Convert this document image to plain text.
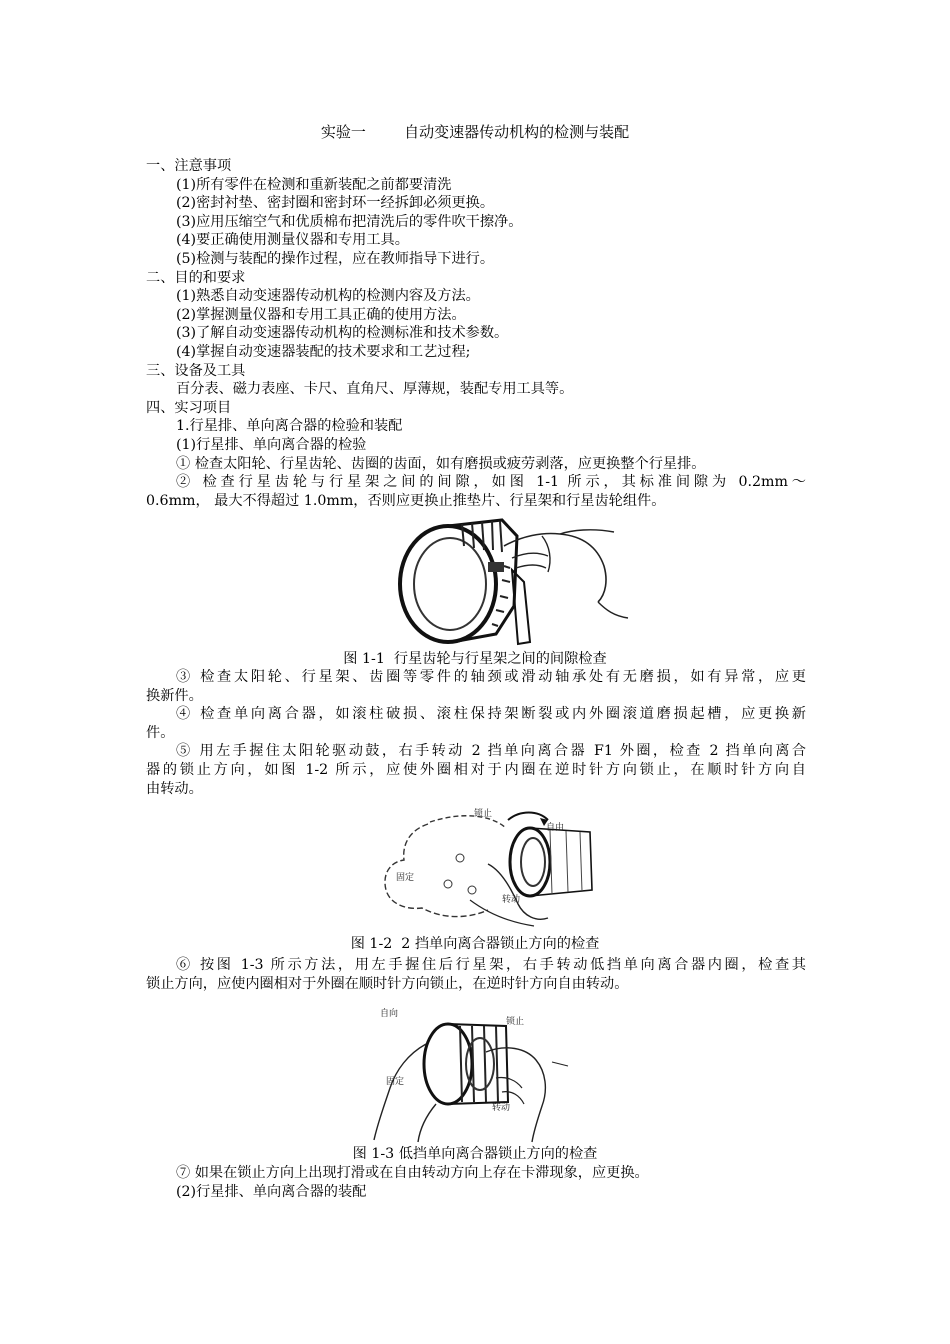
实验一        自动变速器传动机构的检测与装配
一、注意事项
(1)所有零件在检测和重新装配之前都要清洗
(2)密封衬垫、密封圈和密封环一经拆卸必须更换。
(3)应用压缩空气和优质棉布把清洗后的零件吹干擦净。
(4)要正确使用测量仪器和专用工具。
(5)检测与装配的操作过程，应在教师指导下进行。
二、目的和要求
(1)熟悉自动变速器传动机构的检测内容及方法。
(2)掌握测量仪器和专用工具正确的使用方法。
(3)了解自动变速器传动机构的检测标准和技术参数。
(4)掌握自动变速器装配的技术要求和工艺过程;
三、设备及工具
百分表、磁力表座、卡尺、直角尺、厚薄规，装配专用工具等。
四、实习项目
1.行星排、单向离合器的检验和装配
(1)行星排、单向离合器的检验
① 检查太阳轮、行星齿轮、齿圈的齿面，如有磨损或疲劳剥落，应更换整个行星排。
② 检查行星齿轮与行星架之间的间隙，如图 1-1 所示，其标准间隙为 0.2mm～
0.6mm， 最大不得超过 1.0mm，否则应更换止推垫片、行星架和行星齿轮组件。
图 1-1  行星齿轮与行星架之间的间隙检查
③ 检查太阳轮、行星架、齿圈等零件的轴颈或滑动轴承处有无磨损，如有异常，应更
换新件。
④ 检查单向离合器，如滚柱破损、滚柱保持架断裂或内外圈滚道磨损起槽，应更换新
件。
⑤ 用左手握住太阳轮驱动鼓，右手转动 2 挡单向离合器 F1 外圈，检查 2 挡单向离合
器的锁止方向，如图 1-2 所示，应使外圈相对于内圈在逆时针方向锁止，在顺时针方向自
由转动。
锁止
自由
固定
转动
图 1-2  2 挡单向离合器锁止方向的检查
⑥ 按图 1-3 所示方法，用左手握住后行星架，右手转动低挡单向离合器内圈，检查其
锁止方向，应使内圈相对于外圈在顺时针方向锁止，在逆时针方向自由转动。
自向
锁止
固定
转动
图 1-3 低挡单向离合器锁止方向的检查
⑦ 如果在锁止方向上出现打滑或在自由转动方向上存在卡滞现象，应更换。
(2)行星排、单向离合器的装配
